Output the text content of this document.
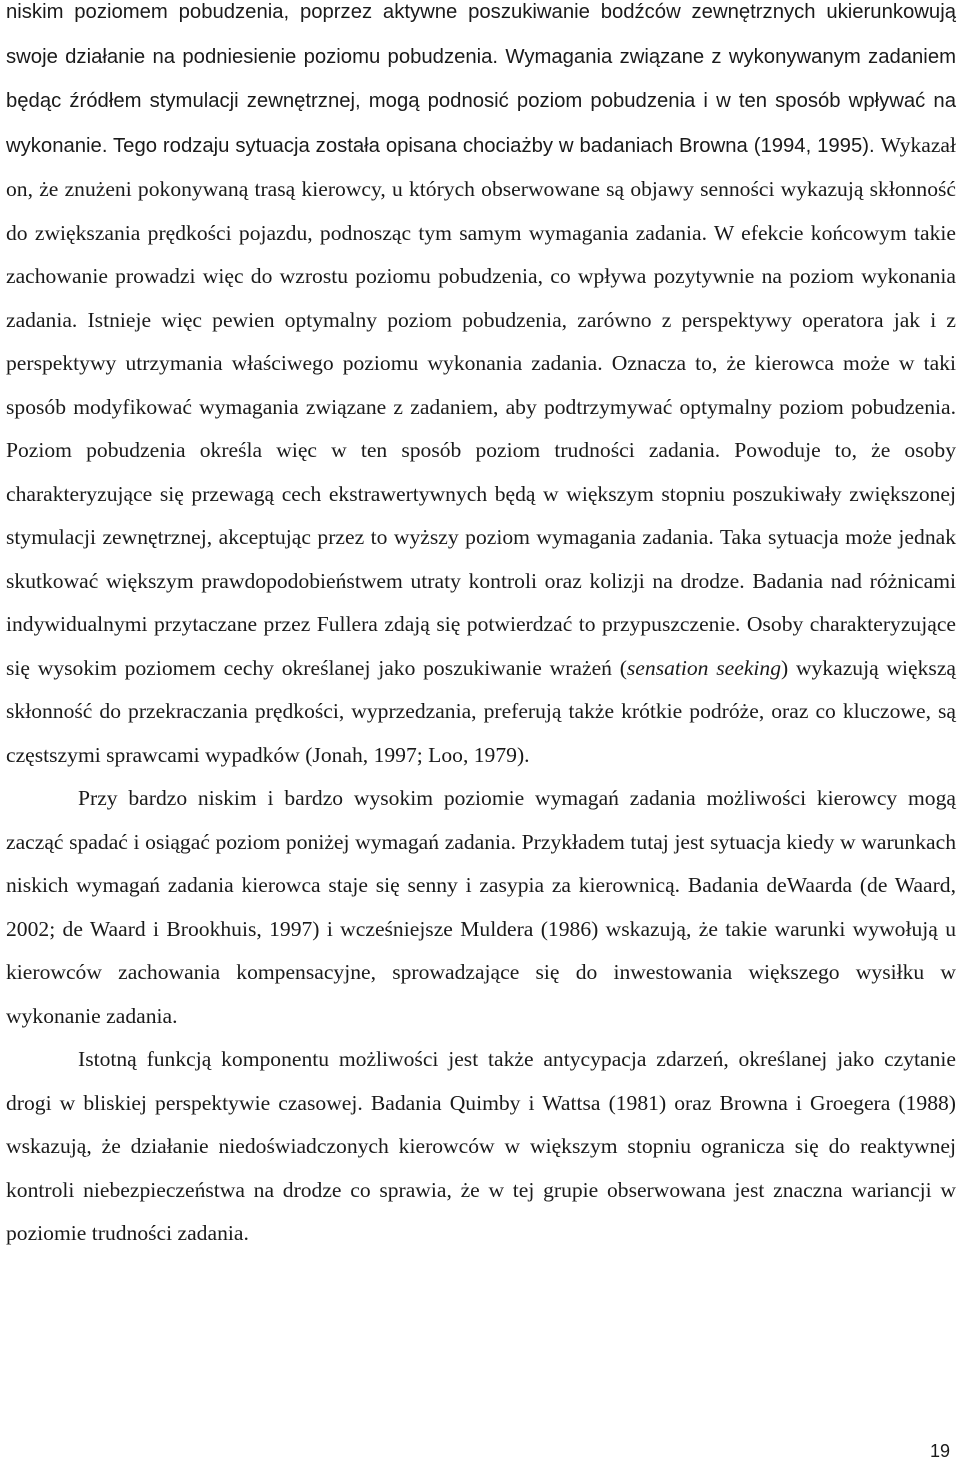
niskim poziomem pobudzenia, poprzez aktywne poszukiwanie bodźców zewnętrznych ukierunkowują swoje działanie na podniesienie poziomu pobudzenia. Wymagania związane z wykonywanym zadaniem będąc źródłem stymulacji zewnętrznej, mogą podnosić poziom pobudzenia i w ten sposób wpływać na wykonanie. Tego rodzaju sytuacja została opisana chociażby w badaniach Browna (1994, 1995). Wykazał on, że znużeni pokonywaną trasą kierowcy, u których obserwowane są objawy senności wykazują skłonność do zwiększania prędkości pojazdu, podnosząc tym samym wymagania zadania. W efekcie końcowym takie zachowanie prowadzi więc do wzrostu poziomu pobudzenia, co wpływa pozytywnie na poziom wykonania zadania. Istnieje więc pewien optymalny poziom pobudzenia, zarówno z perspektywy operatora jak i z perspektywy utrzymania właściwego poziomu wykonania zadania. Oznacza to, że kierowca może w taki sposób modyfikować wymagania związane z zadaniem, aby podtrzymywać optymalny poziom pobudzenia. Poziom pobudzenia określa więc w ten sposób poziom trudności zadania. Powoduje to, że osoby charakteryzujące się przewagą cech ekstrawertywnych będą w większym stopniu poszukiwały zwiększonej stymulacji zewnętrznej, akceptując przez to wyższy poziom wymagania zadania. Taka sytuacja może jednak skutkować większym prawdopodobieństwem utraty kontroli oraz kolizji na drodze. Badania nad różnicami indywidualnymi przytaczane przez Fullera zdają się potwierdzać to przypuszczenie. Osoby charakteryzujące się wysokim poziomem cechy określanej jako poszukiwanie wrażeń (sensation seeking) wykazują większą skłonność do przekraczania prędkości, wyprzedzania, preferują także krótkie podróże, oraz co kluczowe, są częstszymi sprawcami wypadków (Jonah, 1997; Loo, 1979).

Przy bardzo niskim i bardzo wysokim poziomie wymagań zadania możliwości kierowcy mogą zacząć spadać i osiągać poziom poniżej wymagań zadania. Przykładem tutaj jest sytuacja kiedy w warunkach niskich wymagań zadania kierowca staje się senny i zasypia za kierownicą. Badania deWaarda (de Waard, 2002; de Waard i Brookhuis, 1997) i wcześniejsze Muldera (1986) wskazują, że takie warunki wywołują u kierowców zachowania kompensacyjne, sprowadzające się do inwestowania większego wysiłku w wykonanie zadania.

Istotną funkcją komponentu możliwości jest także antycypacja zdarzeń, określanej jako czytanie drogi w bliskiej perspektywie czasowej. Badania Quimby i Wattsa (1981) oraz Browna i Groegera (1988) wskazują, że działanie niedoświadczonych kierowców w większym stopniu ogranicza się do reaktywnej kontroli niebezpieczeństwa na drodze co sprawia, że w tej grupie obserwowana jest znaczna wariancji w poziomie trudności zadania.

19
